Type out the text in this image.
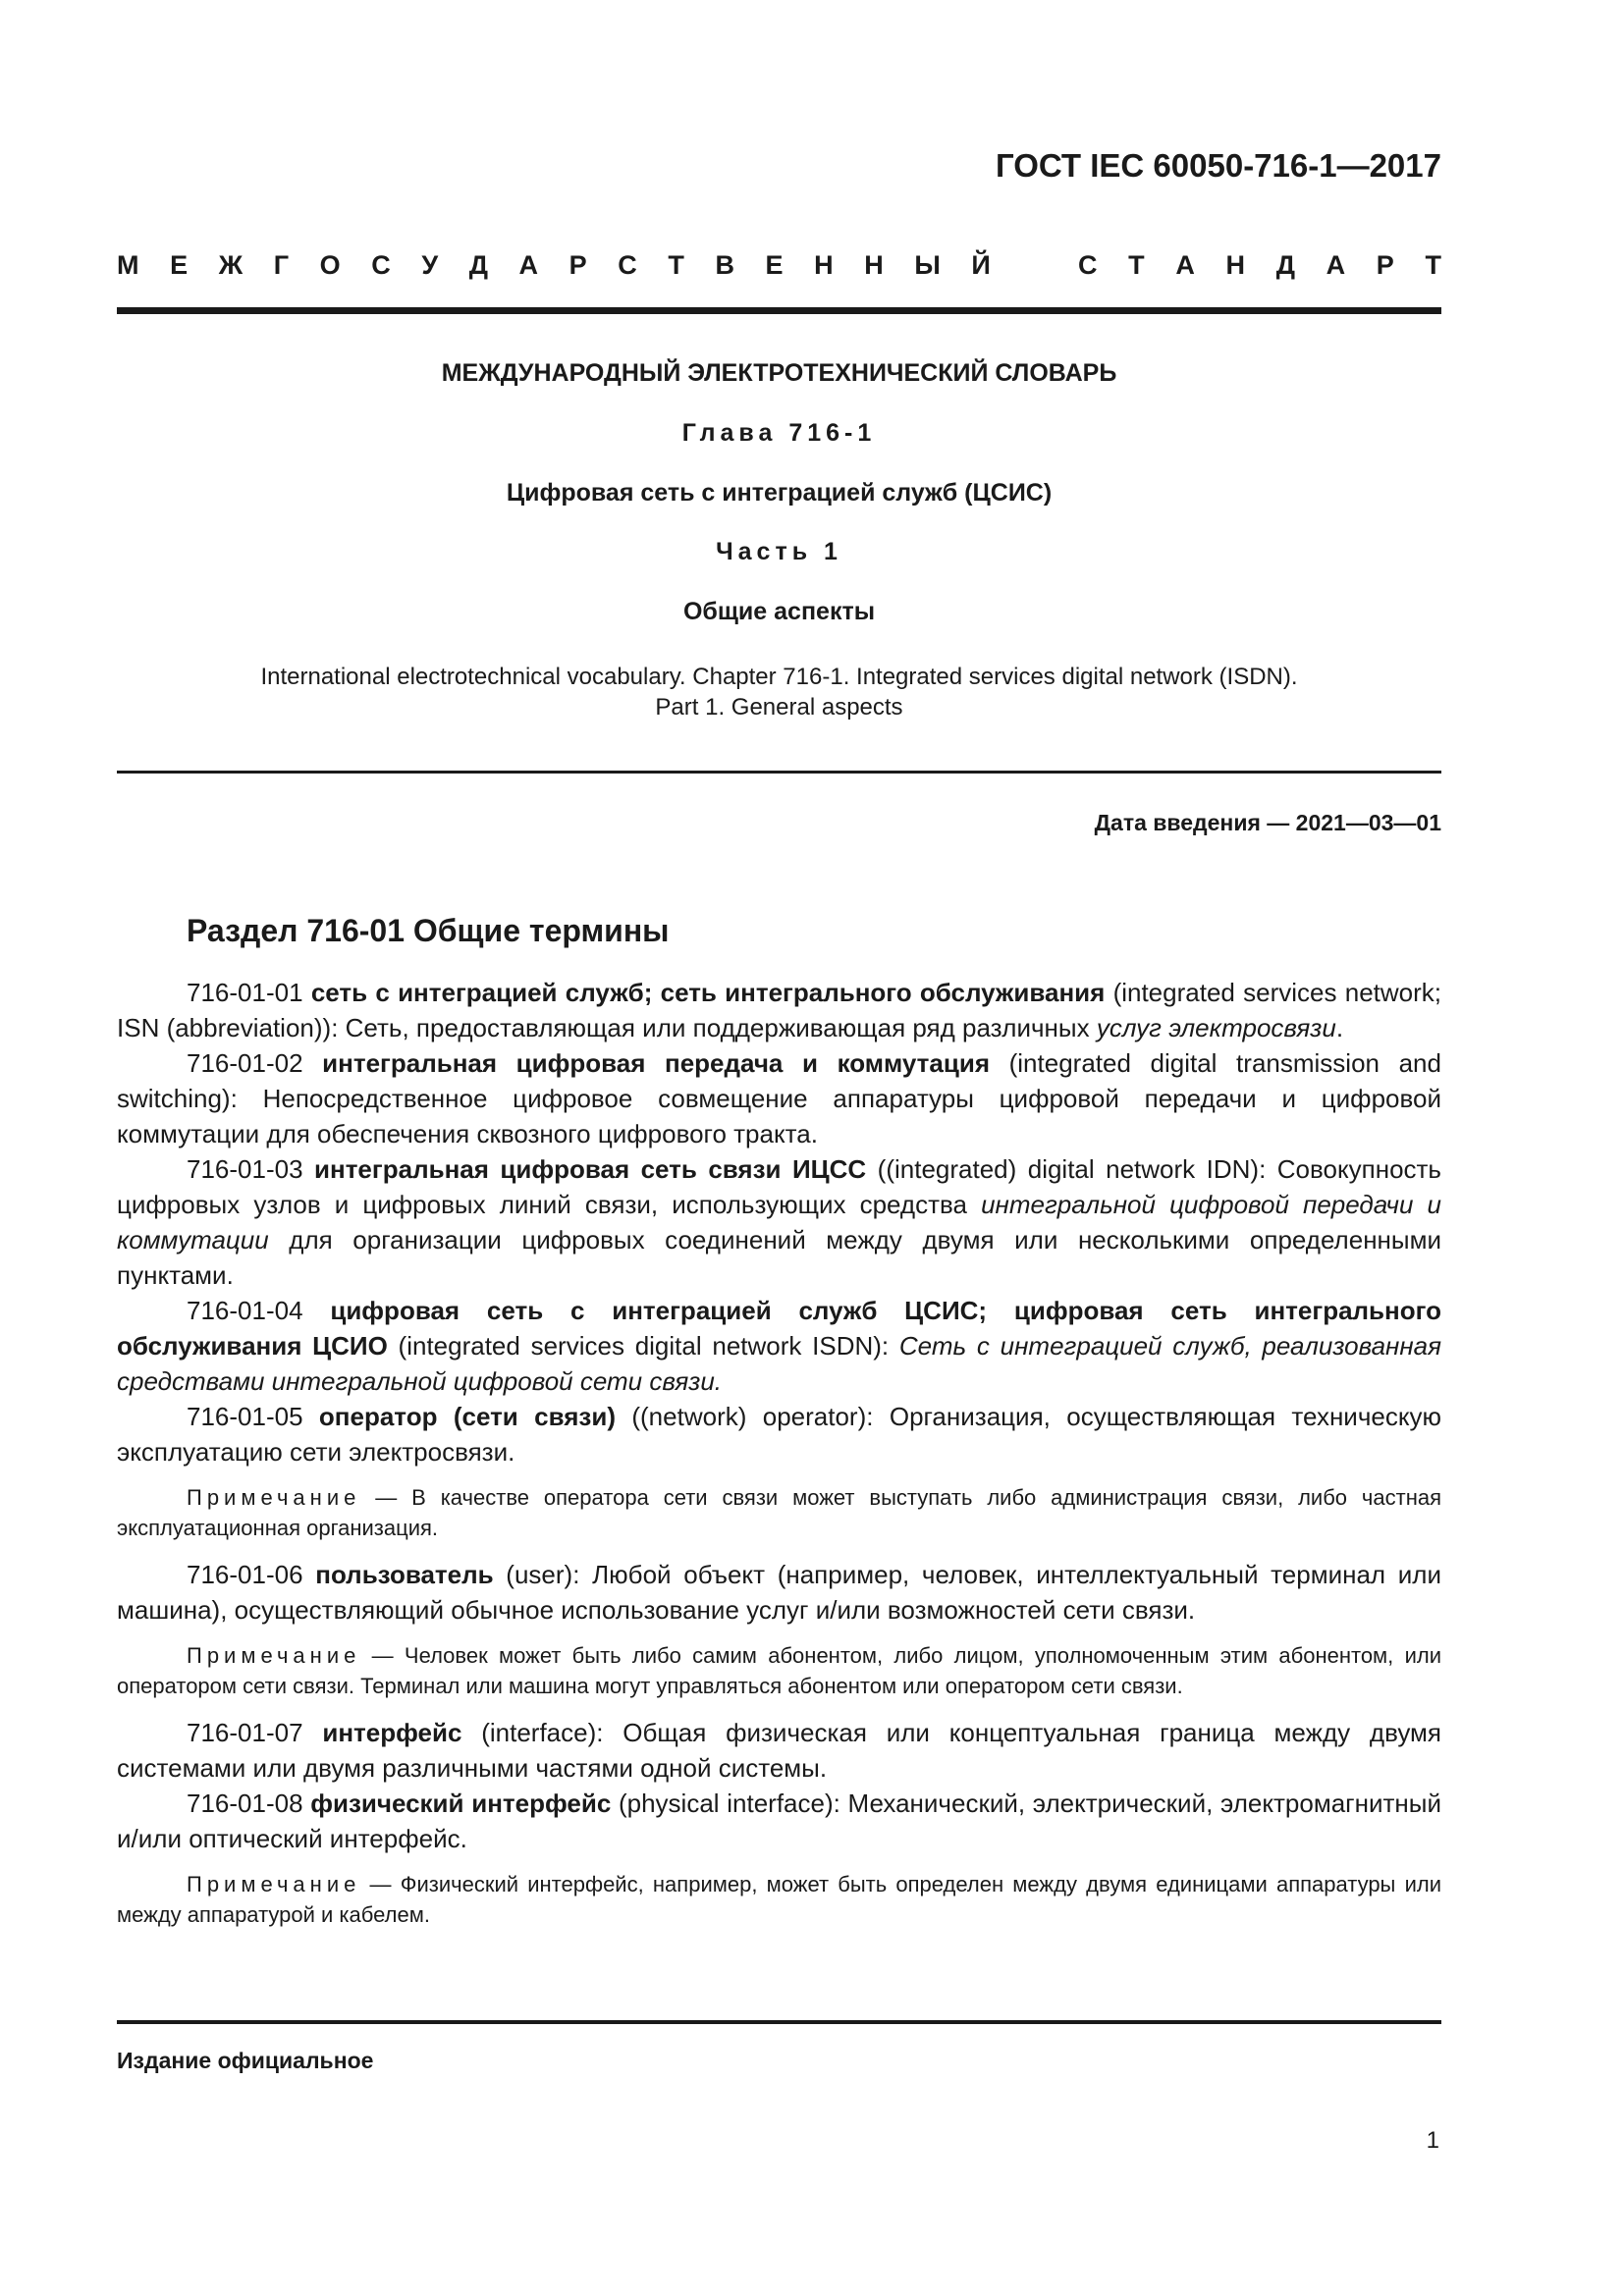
ГОСТ IEC 60050-716-1—2017
М Е Ж Г О С У Д А Р С Т В Е Н Н Ы Й	С Т А Н Д А Р Т
МЕЖДУНАРОДНЫЙ ЭЛЕКТРОТЕХНИЧЕСКИЙ СЛОВАРЬ
Глава 716-1
Цифровая сеть с интеграцией служб (ЦСИС)
Часть 1
Общие аспекты
International electrotechnical vocabulary. Chapter 716-1. Integrated services digital network (ISDN).
Part 1. General aspects
Дата введения — 2021—03—01
Раздел 716-01 Общие термины

716-01-01 сеть с интеграцией служб; сеть интегрального обслуживания (integrated services network; ISN (abbreviation)): Сеть, предоставляющая или поддерживающая ряд различных услуг электросвязи.

716-01-02 интегральная цифровая передача и коммутация (integrated digital transmission and switching): Непосредственное цифровое совмещение аппаратуры цифровой передачи и цифровой коммутации для обеспечения сквозного цифрового тракта.

716-01-03 интегральная цифровая сеть связи ИЦСС ((integrated) digital network IDN): Совокупность цифровых узлов и цифровых линий связи, использующих средства интегральной цифровой передачи и коммутации для организации цифровых соединений между двумя или несколькими определенными пунктами.

716-01-04 цифровая сеть с интеграцией служб ЦСИС; цифровая сеть интегрального обслуживания ЦСИО (integrated services digital network ISDN): Сеть с интеграцией служб, реализованная средствами интегральной цифровой сети связи.

716-01-05 оператор (сети связи) ((network) operator): Организация, осуществляющая техническую эксплуатацию сети электросвязи.

Примечание — В качестве оператора сети связи может выступать либо администрация связи, либо частная эксплуатационная организация.

716-01-06 пользователь (user): Любой объект (например, человек, интеллектуальный терминал или машина), осуществляющий обычное использование услуг и/или возможностей сети связи.

Примечание — Человек может быть либо самим абонентом, либо лицом, уполномоченным этим абонентом, или оператором сети связи. Терминал или машина могут управляться абонентом или оператором сети связи.

716-01-07 интерфейс (interface): Общая физическая или концептуальная граница между двумя системами или двумя различными частями одной системы.

716-01-08 физический интерфейс (physical interface): Механический, электрический, электромагнитный и/или оптический интерфейс.

Примечание — Физический интерфейс, например, может быть определен между двумя единицами аппаратуры или между аппаратурой и кабелем.

Издание официальное
1
